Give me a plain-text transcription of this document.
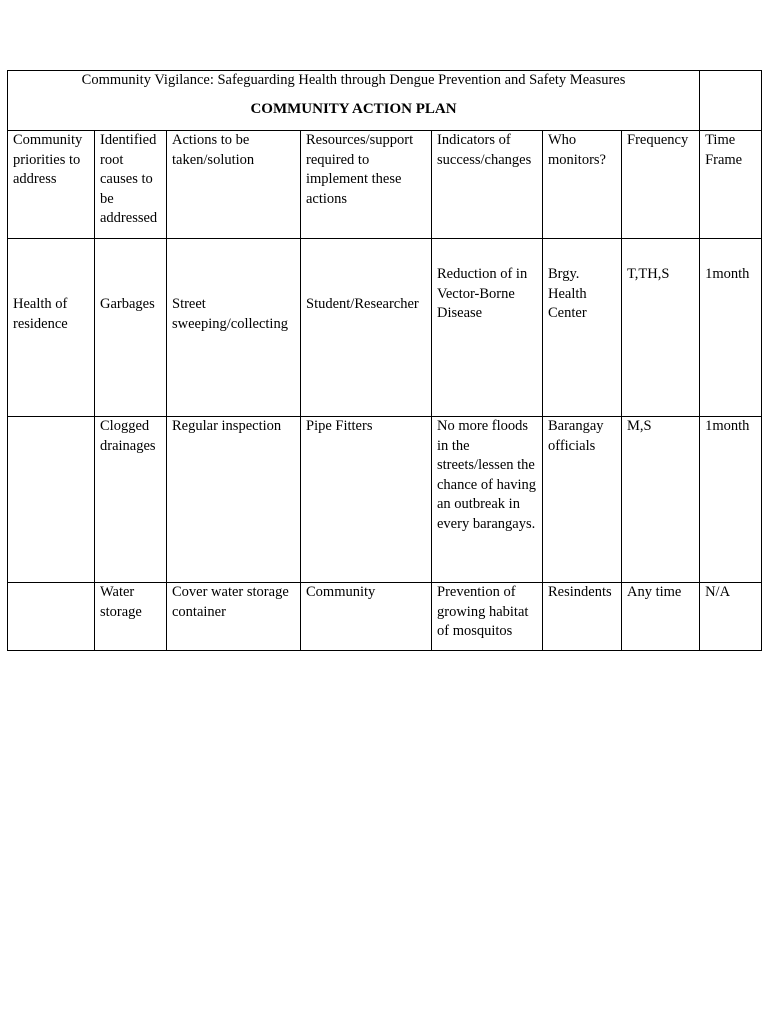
Community Vigilance: Safeguarding Health through Dengue Prevention and Safety Measures
COMMUNITY ACTION PLAN							

Community priorities to address	Identified root causes to be addressed	Actions to be taken/solution	Resources/support required to implement these actions	Indicators of success/changes	Who monitors?	Frequency	Time Frame
Health of residence	Garbages	Street sweeping/collecting	Student/Researcher	Reduction of in Vector-Borne Disease	Brgy. Health Center	T,TH,S	1month
	Clogged drainages	Regular inspection	Pipe Fitters	No more floods in the streets/lessen the chance of having an outbreak in every barangays.	Barangay officials	M,S	1month
	Water storage	Cover water storage container	Community	Prevention of growing habitat of mosquitos	Resindents	Any time	N/A
